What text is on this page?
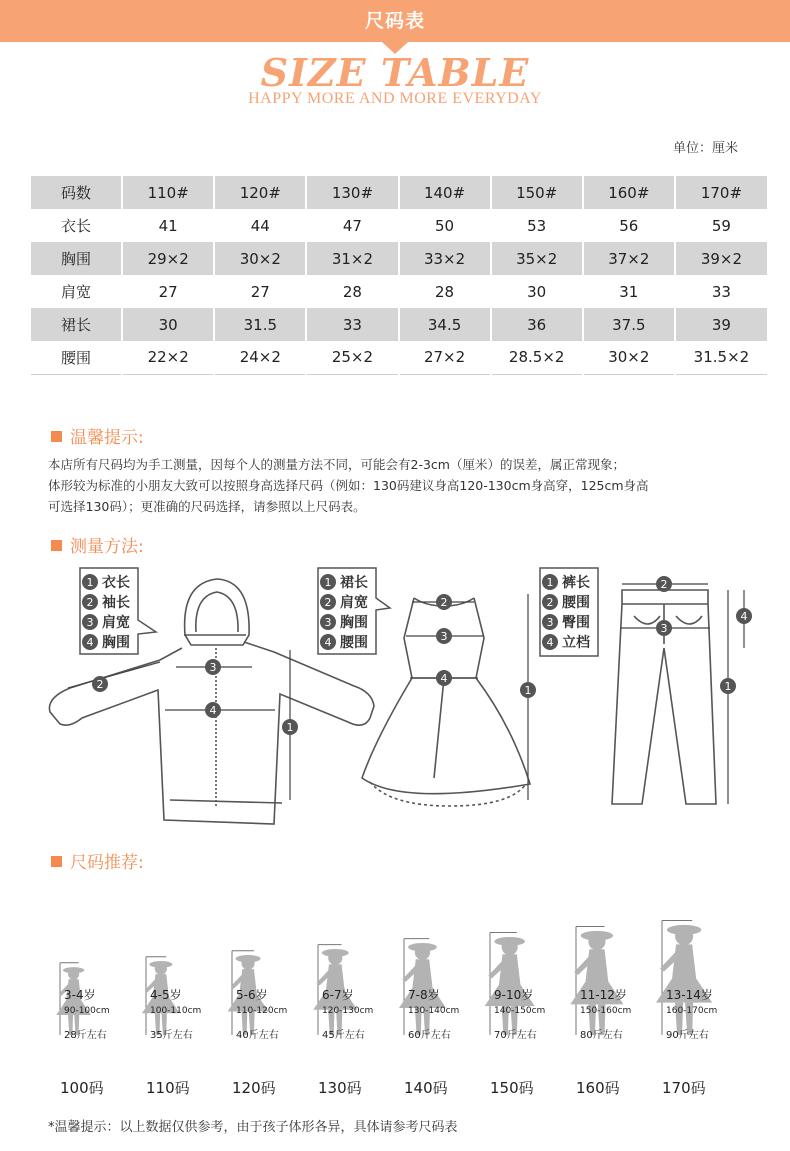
尺码表
SIZE TABLE
HAPPY MORE AND MORE EVERYDAY
单位：厘米
码数	110#	120#	130#	140#	150#	160#	170#
衣长	41	44	47	50	53	56	59
胸围	29×2	30×2	31×2	33×2	35×2	37×2	39×2
肩宽	27	27	28	28	30	31	33
裙长	30	31.5	33	34.5	36	37.5	39
腰围	22×2	24×2	25×2	27×2	28.5×2	30×2	31.5×2
温馨提示:
本店所有尺码均为手工测量，因每个人的测量方法不同，可能会有2-3cm（厘米）的误差，属正常现象；
体形较为标准的小朋友大致可以按照身高选择尺码（例如：130码建议身高120-130cm身高穿，125cm身高
可选择130码）；更准确的尺码选择，请参照以上尺码表。
测量方法:
1 衣长
2 袖长
3 肩宽
4 胸围
2
3
4
1
1 裙长
2 肩宽
3 胸围
4 腰围
2
3
4
1
1 裤长
2 腰围
3 臀围
4 立档
2
3
1
4
尺码推荐:
3-4岁
90-100cm
28斤左右
100码
4-5岁
100-110cm
35斤左右
110码
5-6岁
110-120cm
40斤左右
120码
6-7岁
120-130cm
45斤左右
130码
7-8岁
130-140cm
60斤左右
140码
9-10岁
140-150cm
70斤左右
150码
11-12岁
150-160cm
80斤左右
160码
13-14岁
160-170cm
90斤左右
170码
*温馨提示：以上数据仅供参考，由于孩子体形各异，具体请参考尺码表
